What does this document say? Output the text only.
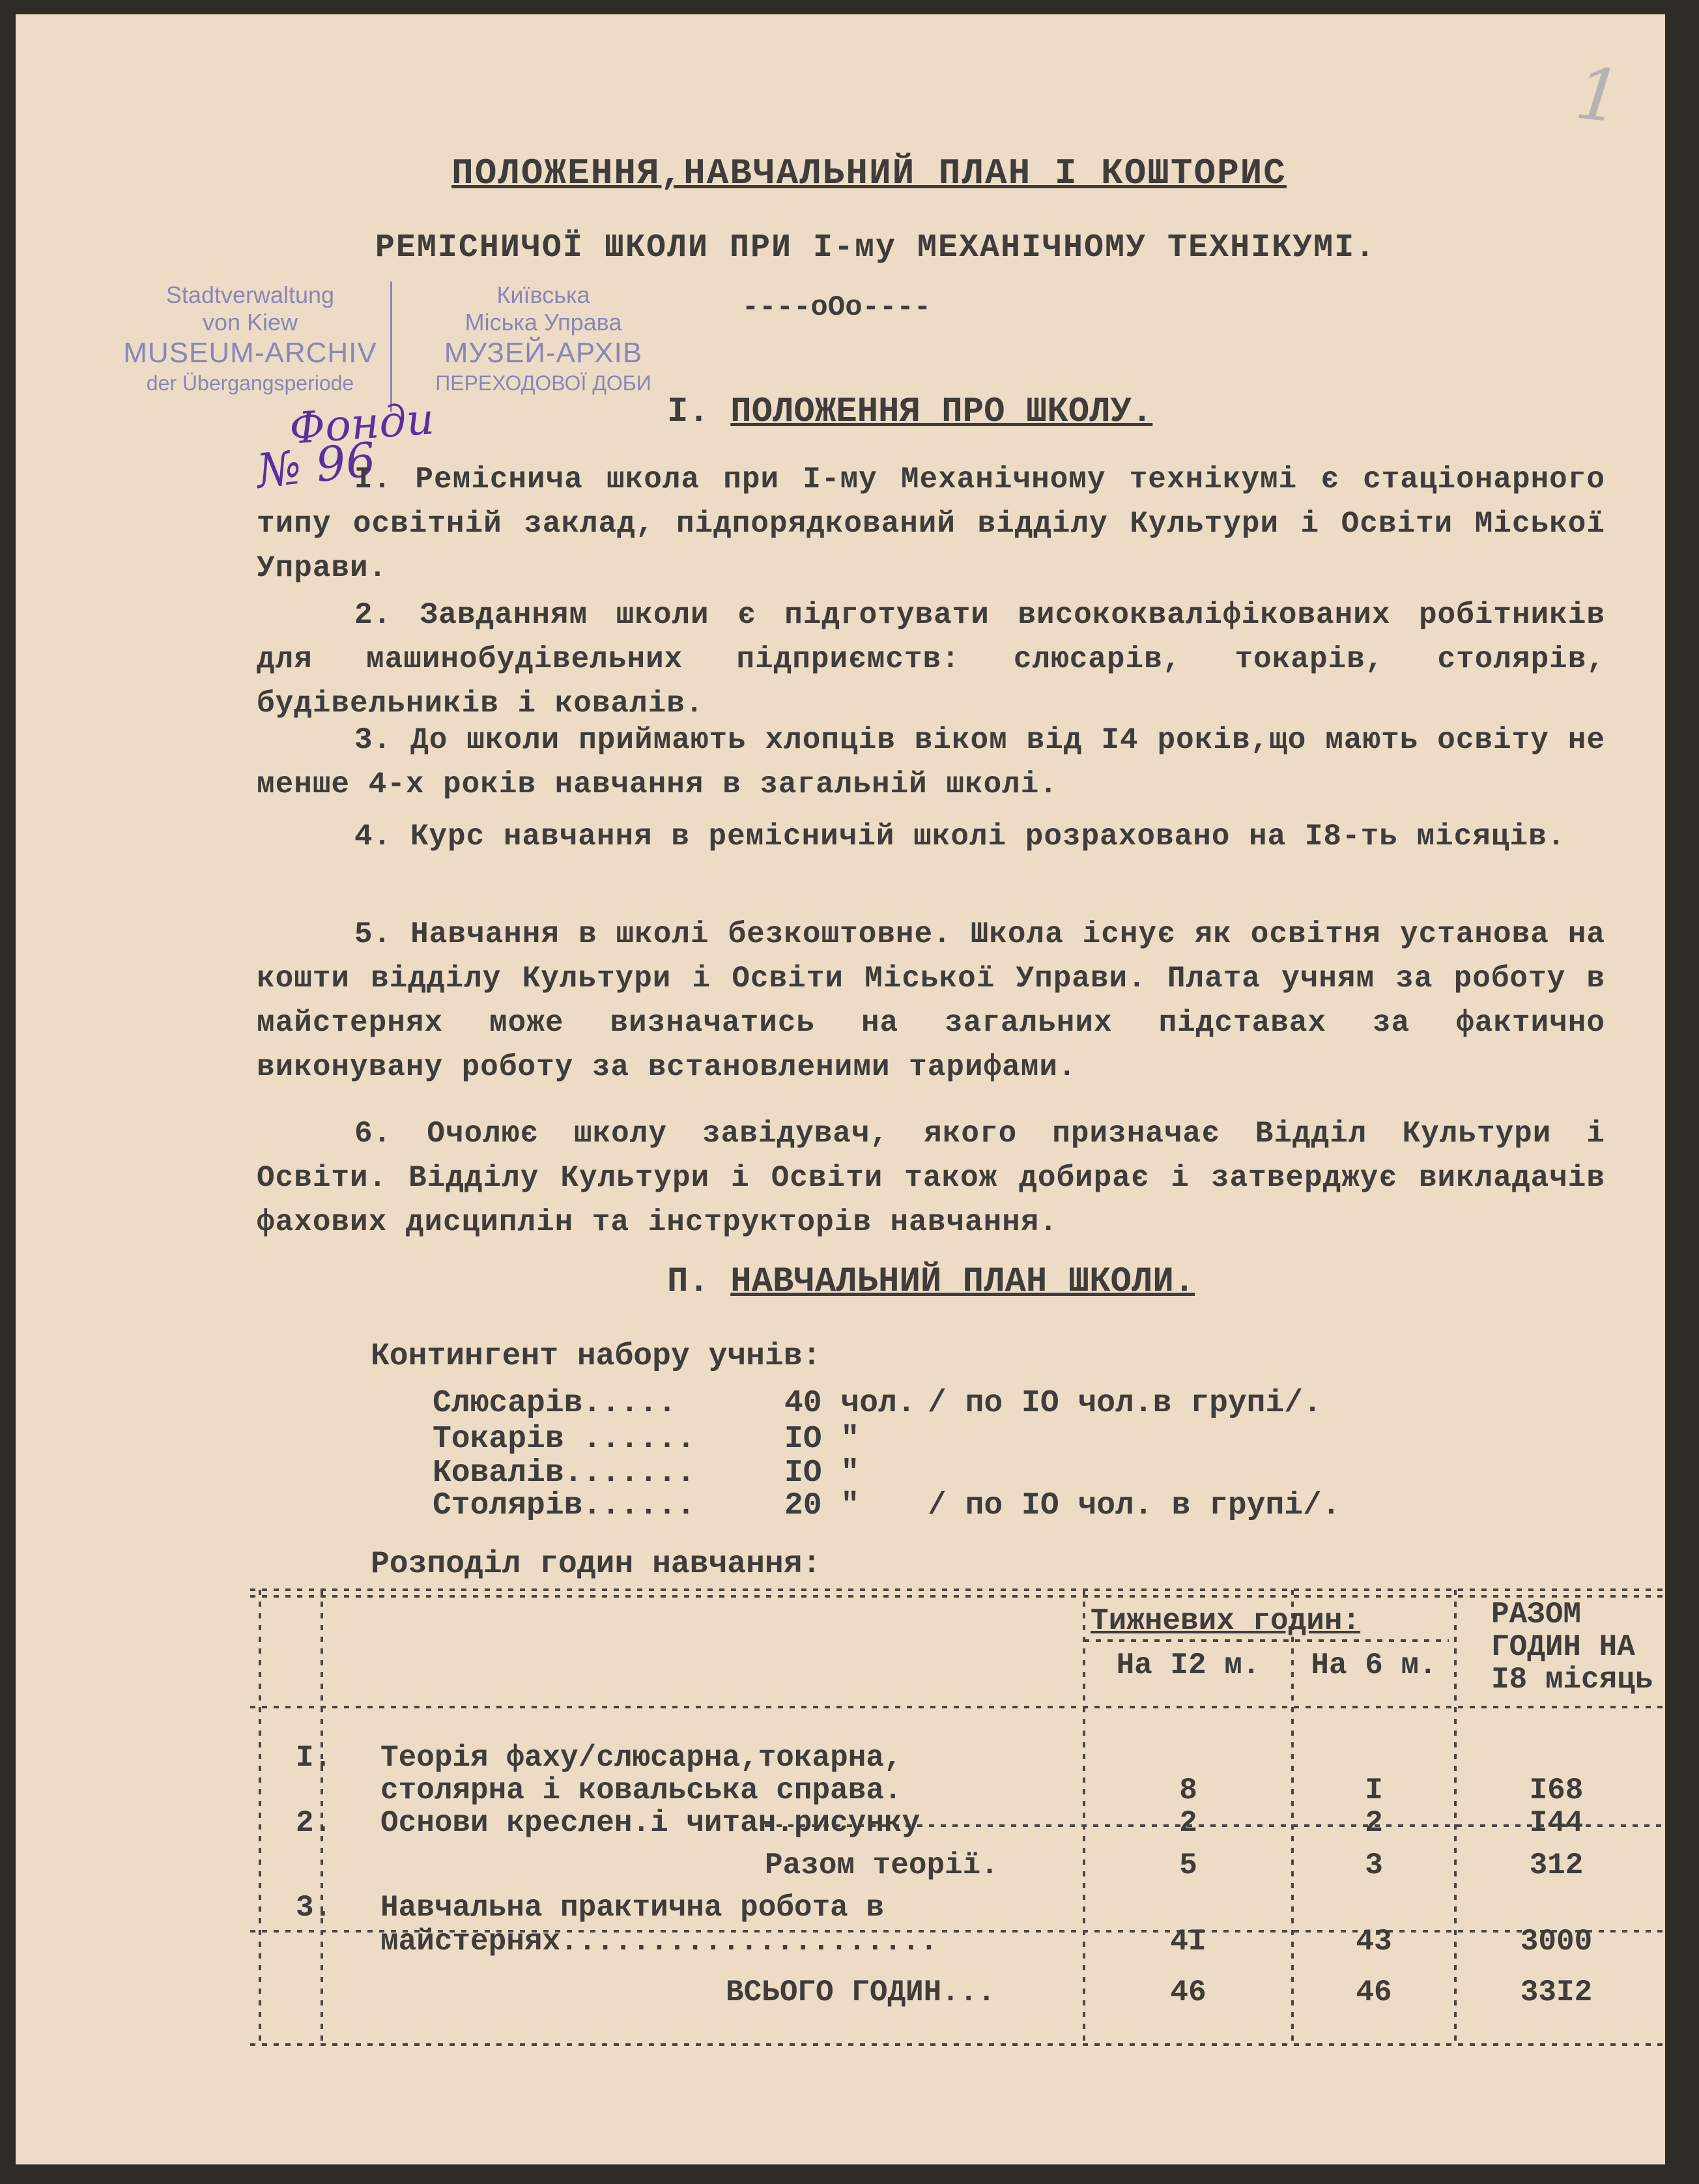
1
ПОЛОЖЕННЯ,НАВЧАЛЬНИЙ ПЛАН І КОШТОРИС
РЕМІСНИЧОЇ ШКОЛИ ПРИ І-му МЕХАНІЧНОМУ ТЕХНІКУМІ.
----oOo----
Stadtverwaltung
von Kiew
MUSEUM-ARCHIV
der Übergangsperiode
Київська
Міська Управа
МУЗЕЙ-АРХІВ
ПЕРЕХОДОВОЇ ДОБИ
Фонди
№ 96
І. ПОЛОЖЕННЯ ПРО ШКОЛУ.
І. Ремісничa школа при І-му Механічному технікумі є стаціонарного типу освітній заклад, підпорядкований відділу Культури і Освіти Міської Управи.
2. Завданням школи є підготувати висококваліфікованих робітників для машинобудівельних підприємств: слюсарів, токарів, столярів, будівельників і ковалів.
3. До школи приймають хлопців віком від І4 років,що мають освіту не менше 4-х років навчання в загальній школі.
4. Курс навчання в ремісничій школі розраховано на І8-ть місяців.
5. Навчання в школі безкоштовне. Школа існує як освітня установа на кошти відділу Культури і Освіти Міської Управи. Плата учням за роботу в майстернях може визначатись на загальних підставах за фактично виконувану роботу за встановленими тарифами.
6. Очолює школу завідувач, якого призначає Відділ Культури і Освіти. Відділу Культури і Освіти також добирає і затверджує викладачів фахових дисциплін та інструкторів навчання.
П. НАВЧАЛЬНИЙ ПЛАН ШКОЛИ.
Контингент набору учнів:
Слюсарів.....	40 чол. / по IO чол.в групі/.
Токарів ......	IO "
Ковалів.......	IO "
Столярів......	20 "	/ по IO чол. в групі/.
Розподіл годин навчання:
Тижневих годин:
На І2 м.	На 6 м.
РАЗОМ
ГОДИН НА
І8 місяць
І. Теорія фаху/слюсарна,токарна,
столярна і ковальська справа.	8	І	І68
2. Основи креслен.і читан.рисунку	2	2	І44
Разом теорії.	5	3	312
3. Навчальна практична робота в
майстернях.....................	4І	43	3000
ВСЬОГО ГОДИН...	46	46	33І2
